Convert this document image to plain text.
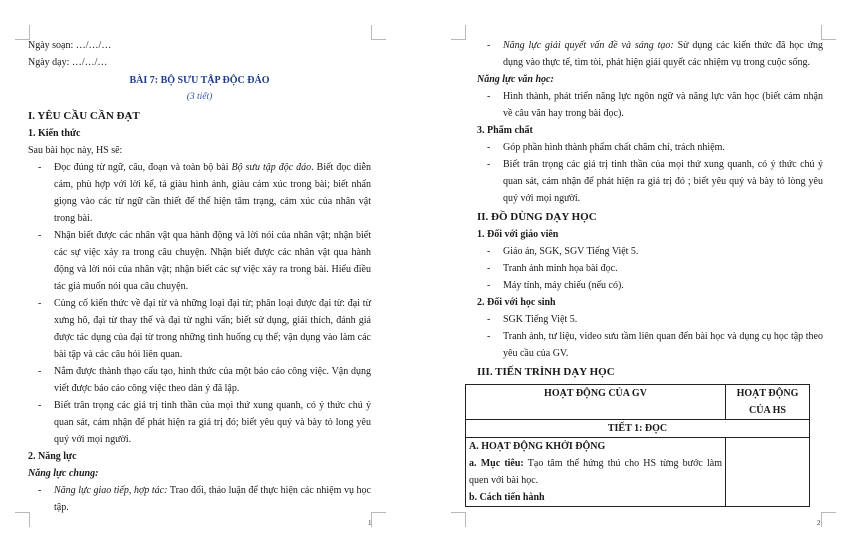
Ngày soạn: …/…/…
Ngày dạy: …/…/…
BÀI 7: BỘ SƯU TẬP ĐỘC ĐÁO
(3 tiết)
I. YÊU CẦU CẦN ĐẠT
1. Kiến thức
Sau bài học này, HS sẽ:
- Đọc đúng từ ngữ, câu, đoạn và toàn bộ bài Bộ sưu tập độc đáo. Biết đọc diễn cảm, phù hợp với lời kể, tả giàu hình ảnh, giàu cảm xúc trong bài; biết nhấn giọng vào các từ ngữ cần thiết để thể hiện tâm trạng, cảm xúc của nhân vật trong bài.
- Nhận biết được các nhân vật qua hành động và lời nói của nhân vật; nhận biết các sự việc xảy ra trong câu chuyện. Nhận biết được các nhân vật qua hành động và lời nói của nhân vật; nhận biết các sự việc xảy ra trong bài. Hiểu điều tác giả muốn nói qua câu chuyện.
- Củng cố kiến thức về đại từ và những loại đại từ; phân loại được đại từ: đại từ xưng hô, đại từ thay thế và đại từ nghi vấn; biết sử dụng, giải thích, đánh giá được tác dụng của đại từ trong những tình huống cụ thể; vận dụng vào làm các bài tập và các câu hỏi liên quan.
- Nắm được thành thạo cấu tạo, hình thức của một báo cáo công việc. Vận dụng viết được báo cáo công việc theo dàn ý đã lập.
- Biết trân trọng các giá trị tinh thần của mọi thứ xung quanh, có ý thức chú ý quan sát, cảm nhận để phát hiện ra giá trị đó; biết yêu quý và bày tỏ long yêu quý với mọi người.
2. Năng lực
Năng lực chung:
- Năng lực giao tiếp, hợp tác: Trao đổi, thảo luận để thực hiện các nhiệm vụ học tập.
1
- Năng lực giải quyết vấn đề và sáng tạo: Sử dụng các kiến thức đã học ứng dụng vào thực tế, tìm tòi, phát hiện giải quyết các nhiệm vụ trong cuộc sống.
Năng lực văn học:
- Hình thành, phát triển năng lực ngôn ngữ và năng lực văn học (biết cảm nhận về câu văn hay trong bài đọc).
3. Phẩm chất
- Góp phần hình thành phẩm chất chăm chỉ, trách nhiệm.
- Biết trân trọng các giá trị tinh thần của mọi thứ xung quanh, có ý thức chú ý quan sát, cảm nhận để phát hiện ra giá trị đó ; biết yêu quý và bày tỏ lòng yêu quý với mọi người.
II. ĐỒ DÙNG DẠY HỌC
1. Đối với giáo viên
- Giáo án, SGK, SGV Tiếng Việt 5.
- Tranh ảnh minh họa bài đọc.
- Máy tính, máy chiếu (nếu có).
2. Đối với học sinh
- SGK Tiếng Việt 5.
- Tranh ảnh, tư liệu, video sưu tầm liên quan đến bài học và dụng cụ học tập theo yêu cầu của GV.
III. TIẾN TRÌNH DẠY HỌC
HOẠT ĐỘNG CỦA GV	HOẠT ĐỘNG CỦA HS
TIẾT 1: ĐỌC	

A. HOẠT ĐỘNG KHỞI ĐỘNG
a. Mục tiêu: Tạo tâm thế hứng thú cho HS từng bước làm quen với bài học.
b. Cách tiến hành	

2
